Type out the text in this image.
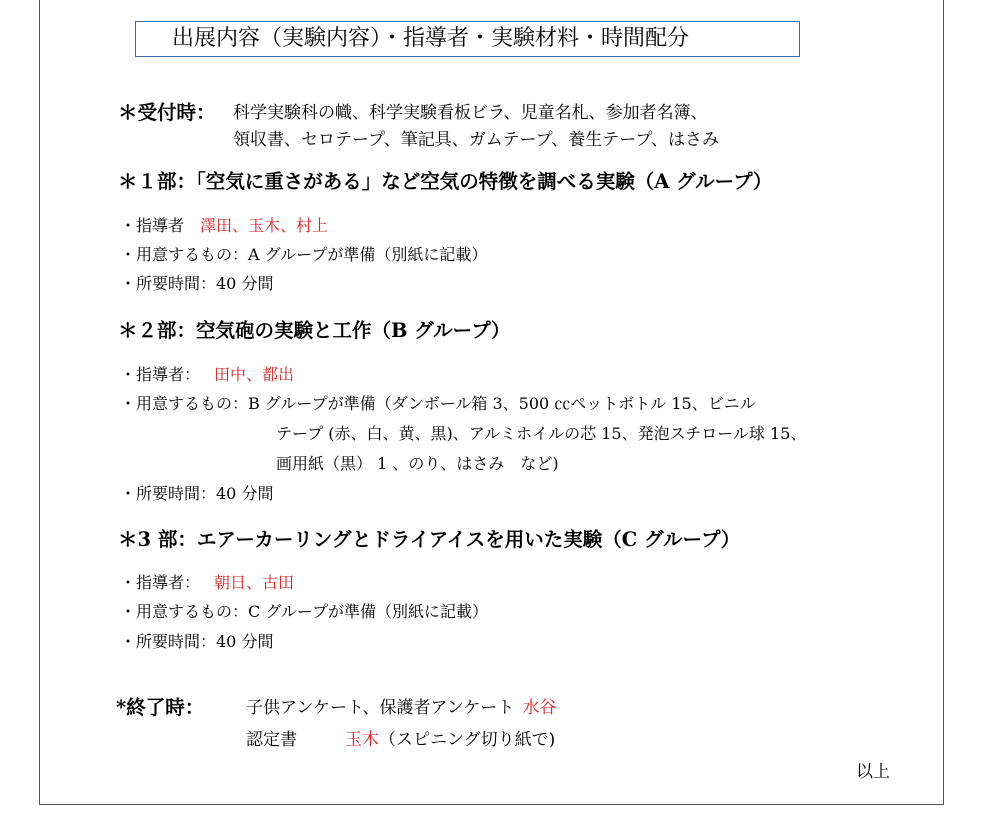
出展内容（実験内容）・指導者・実験材料・時間配分
＊受付時： 科学実験科の幟、科学実験看板ビラ、児童名札、参加者名簿、
領収書、セロテープ、筆記具、ガムテープ、養生テープ、はさみ
＊１部：「空気に重さがある」など空気の特徴を調べる実験（A グループ）
・指導者 澤田、玉木、村上
・用意するもの：A グループが準備（別紙に記載）
・所要時間：40 分間
＊２部：空気砲の実験と工作（B グループ）
・指導者： 田中、都出
・用意するもの：B グループが準備（ダンボール箱 3、500 ㏄ペットボトル 15、ビニル
テープ (赤、白、黄、黒)、アルミホイルの芯 15、発泡スチロール球 15、
画用紙（黒） 1 、のり、はさみ　など)
・所要時間：40 分間
＊3 部：エアーカーリングとドライアイスを用いた実験（C グループ）
・指導者： 朝日、古田
・用意するもの：C グループが準備（別紙に記載）
・所要時間：40 分間
*終了時： 子供アンケート、保護者アンケート 水谷
認定書	玉木（スピニング切り紙で)
以上
